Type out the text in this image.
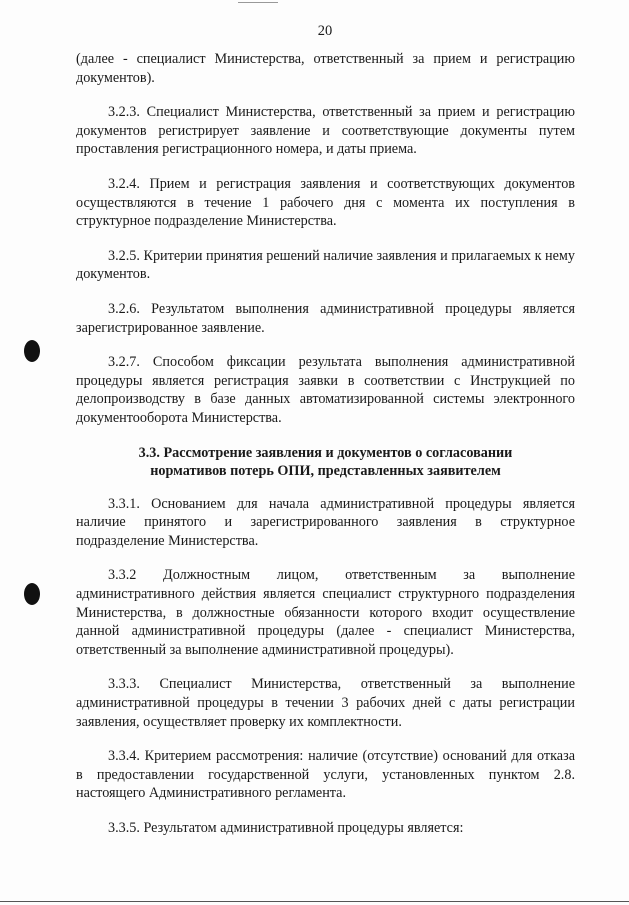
20

(далее - специалист Министерства, ответственный за прием и регистрацию документов).

3.2.3. Специалист Министерства, ответственный за прием и регистрацию документов регистрирует заявление и соответствующие документы путем проставления регистрационного номера, и даты приема.

3.2.4. Прием и регистрация заявления и соответствующих документов осуществляются в течение 1 рабочего дня с момента их поступления в структурное подразделение Министерства.

3.2.5. Критерии принятия решений наличие заявления и прилагаемых к нему документов.

3.2.6. Результатом выполнения административной процедуры является зарегистрированное заявление.

3.2.7. Способом фиксации результата выполнения административной процедуры является регистрация заявки в соответствии с Инструкцией по делопроизводству в базе данных автоматизированной системы электронного документооборота Министерства.

3.3. Рассмотрение заявления и документов о согласовании
нормативов потерь ОПИ, представленных заявителем

3.3.1. Основанием для начала административной процедуры является наличие принятого и зарегистрированного заявления в структурное подразделение Министерства.

3.3.2 Должностным лицом, ответственным за выполнение административного действия является специалист структурного подразделения Министерства, в должностные обязанности которого входит осуществление данной административной процедуры (далее - специалист Министерства, ответственный за выполнение административной процедуры).

3.3.3. Специалист Министерства, ответственный за выполнение административной процедуры в течении 3 рабочих дней с даты регистрации заявления, осуществляет проверку их комплектности.

3.3.4. Критерием рассмотрения: наличие (отсутствие) оснований для отказа в предоставлении государственной услуги, установленных пунктом 2.8. настоящего Административного регламента.

3.3.5. Результатом административной процедуры является:
